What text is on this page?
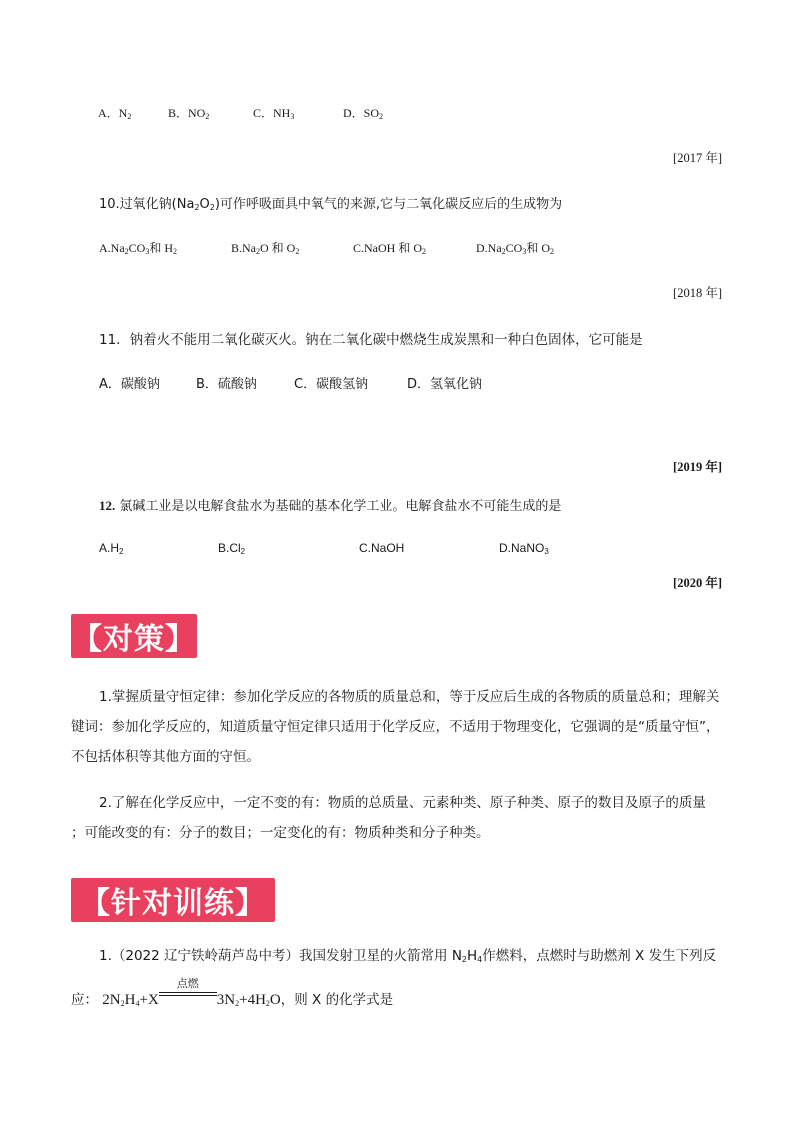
A．$N_2$	B．$NO_2$	C．$NH_3$	D．$SO_2$
[2017 年]
10.过氧化钠$(Na_2O_2)$可作呼吸面具中氧气的来源,它与二氧化碳反应后的生成物为
$A.Na_2CO_3$和 $H_2$	$B.Na_2O$ 和 $O_2$	C.NaOH 和 $O_2$	$D.Na_2CO_3$和 $O_2$
[2018 年]
11．钠着火不能用二氧化碳灭火。钠在二氧化碳中燃烧生成炭黑和一种白色固体，它可能是
A．碳酸钠	B．硫酸钠	C．碳酸氢钠	D．氢氧化钠
[2019 年]
12. 氯碱工业是以电解食盐水为基础的基本化学工业。电解食盐水不可能生成的是
$A.H_2$	$B.Cl_2$	C.NaOH	D.NaNO$_3$
[2020 年]
【对策】
1.掌握质量守恒定律：参加化学反应的各物质的质量总和，等于反应后生成的各物质的质量总和；理解关键词：参加化学反应的，知道质量守恒定律只适用于化学反应，不适用于物理变化，它强调的是“质量守恒”，不包括体积等其他方面的守恒。
2.了解在化学反应中，一定不变的有：物质的总质量、元素种类、原子种类、原子的数目及原子的质量 ；可能改变的有：分子的数目；一定变化的有：物质种类和分子种类。
【针对训练】
1.（2022 辽宁铁岭葫芦岛中考）我国发射卫星的火箭常用 $N_2H_4$作燃料，点燃时与助燃剂 X 发生下列反
应： $2N_2H_4+X$
点燃
$3N_2+4H_2O$，则 X 的化学式是
